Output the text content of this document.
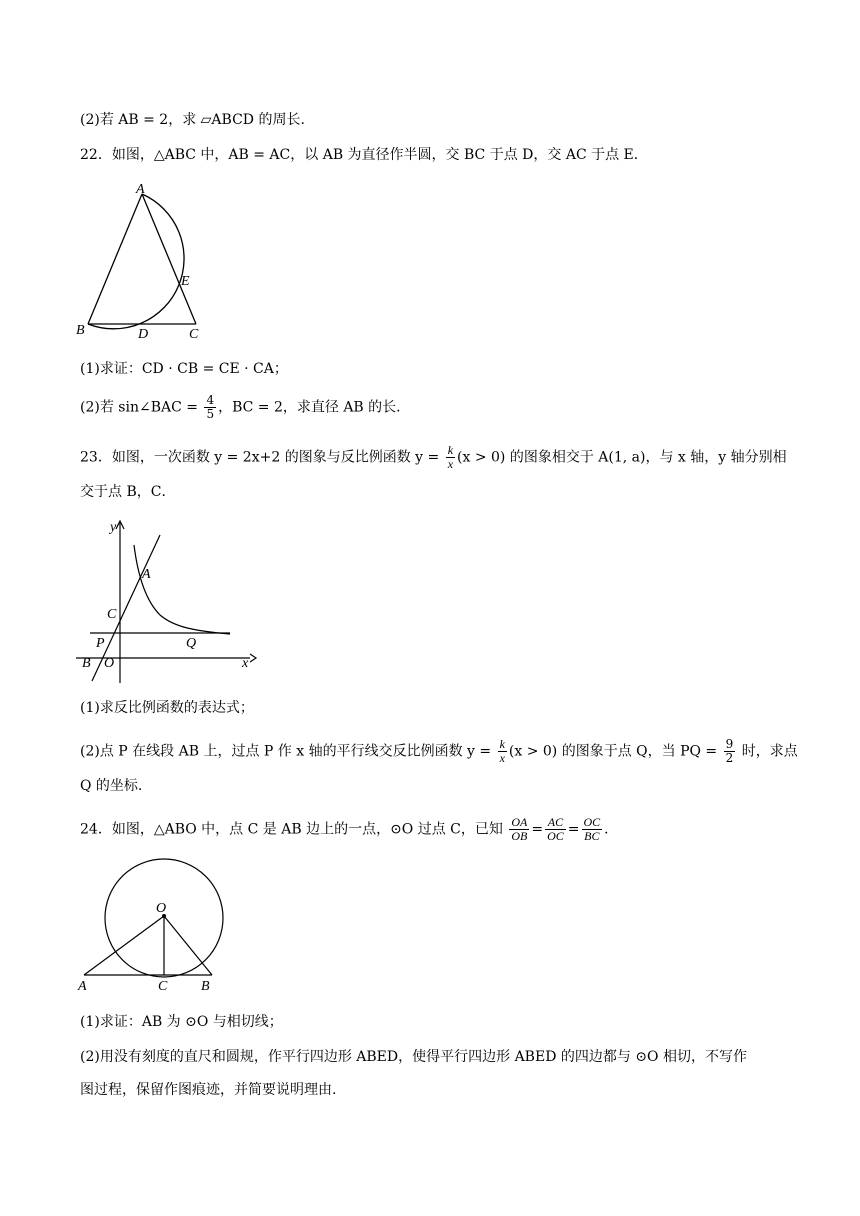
(2)若 AB = 2，求 ▱ABCD 的周长.
22．如图，△ABC 中，AB = AC，以 AB 为直径作半圆，交 BC 于点 D，交 AC 于点 E．
A
B	C
D
E
(1)求证：CD · CB = CE · CA；
(2)若 sin∠BAC = $\frac{4}{5}$ ，BC = 2，求直径 AB 的长.
23．如图，一次函数 y = 2x+2 的图象与反比例函数 $y = \frac{k}{x} (x > 0)$ 的图象相交于 A(1, a)，与 x 轴，y 轴分别相
交于点 B，C．
y
A
C
P	Q
B O	x
(1)求反比例函数的表达式；
(2)点 P 在线段 AB 上，过点 P 作 x 轴的平行线交反比例函数 $y = \frac{k}{x} (x > 0)$ 的图象于点 Q，当 PQ = $\frac{9}{2}$ 时，求点
Q 的坐标.
24．如图，△ABO 中，点 C 是 AB 边上的一点，⊙O 过点 C，已知 $\frac{OA}{OB} = \frac{AC}{OC} = \frac{OC}{BC}$ ．
O
A	C B
(1)求证：AB 为 ⊙O 与相切线；
(2)用没有刻度的直尺和圆规，作平行四边形 ABED，使得平行四边形 ABED 的四边都与 ⊙O 相切，不写作
图过程，保留作图痕迹，并简要说明理由.
